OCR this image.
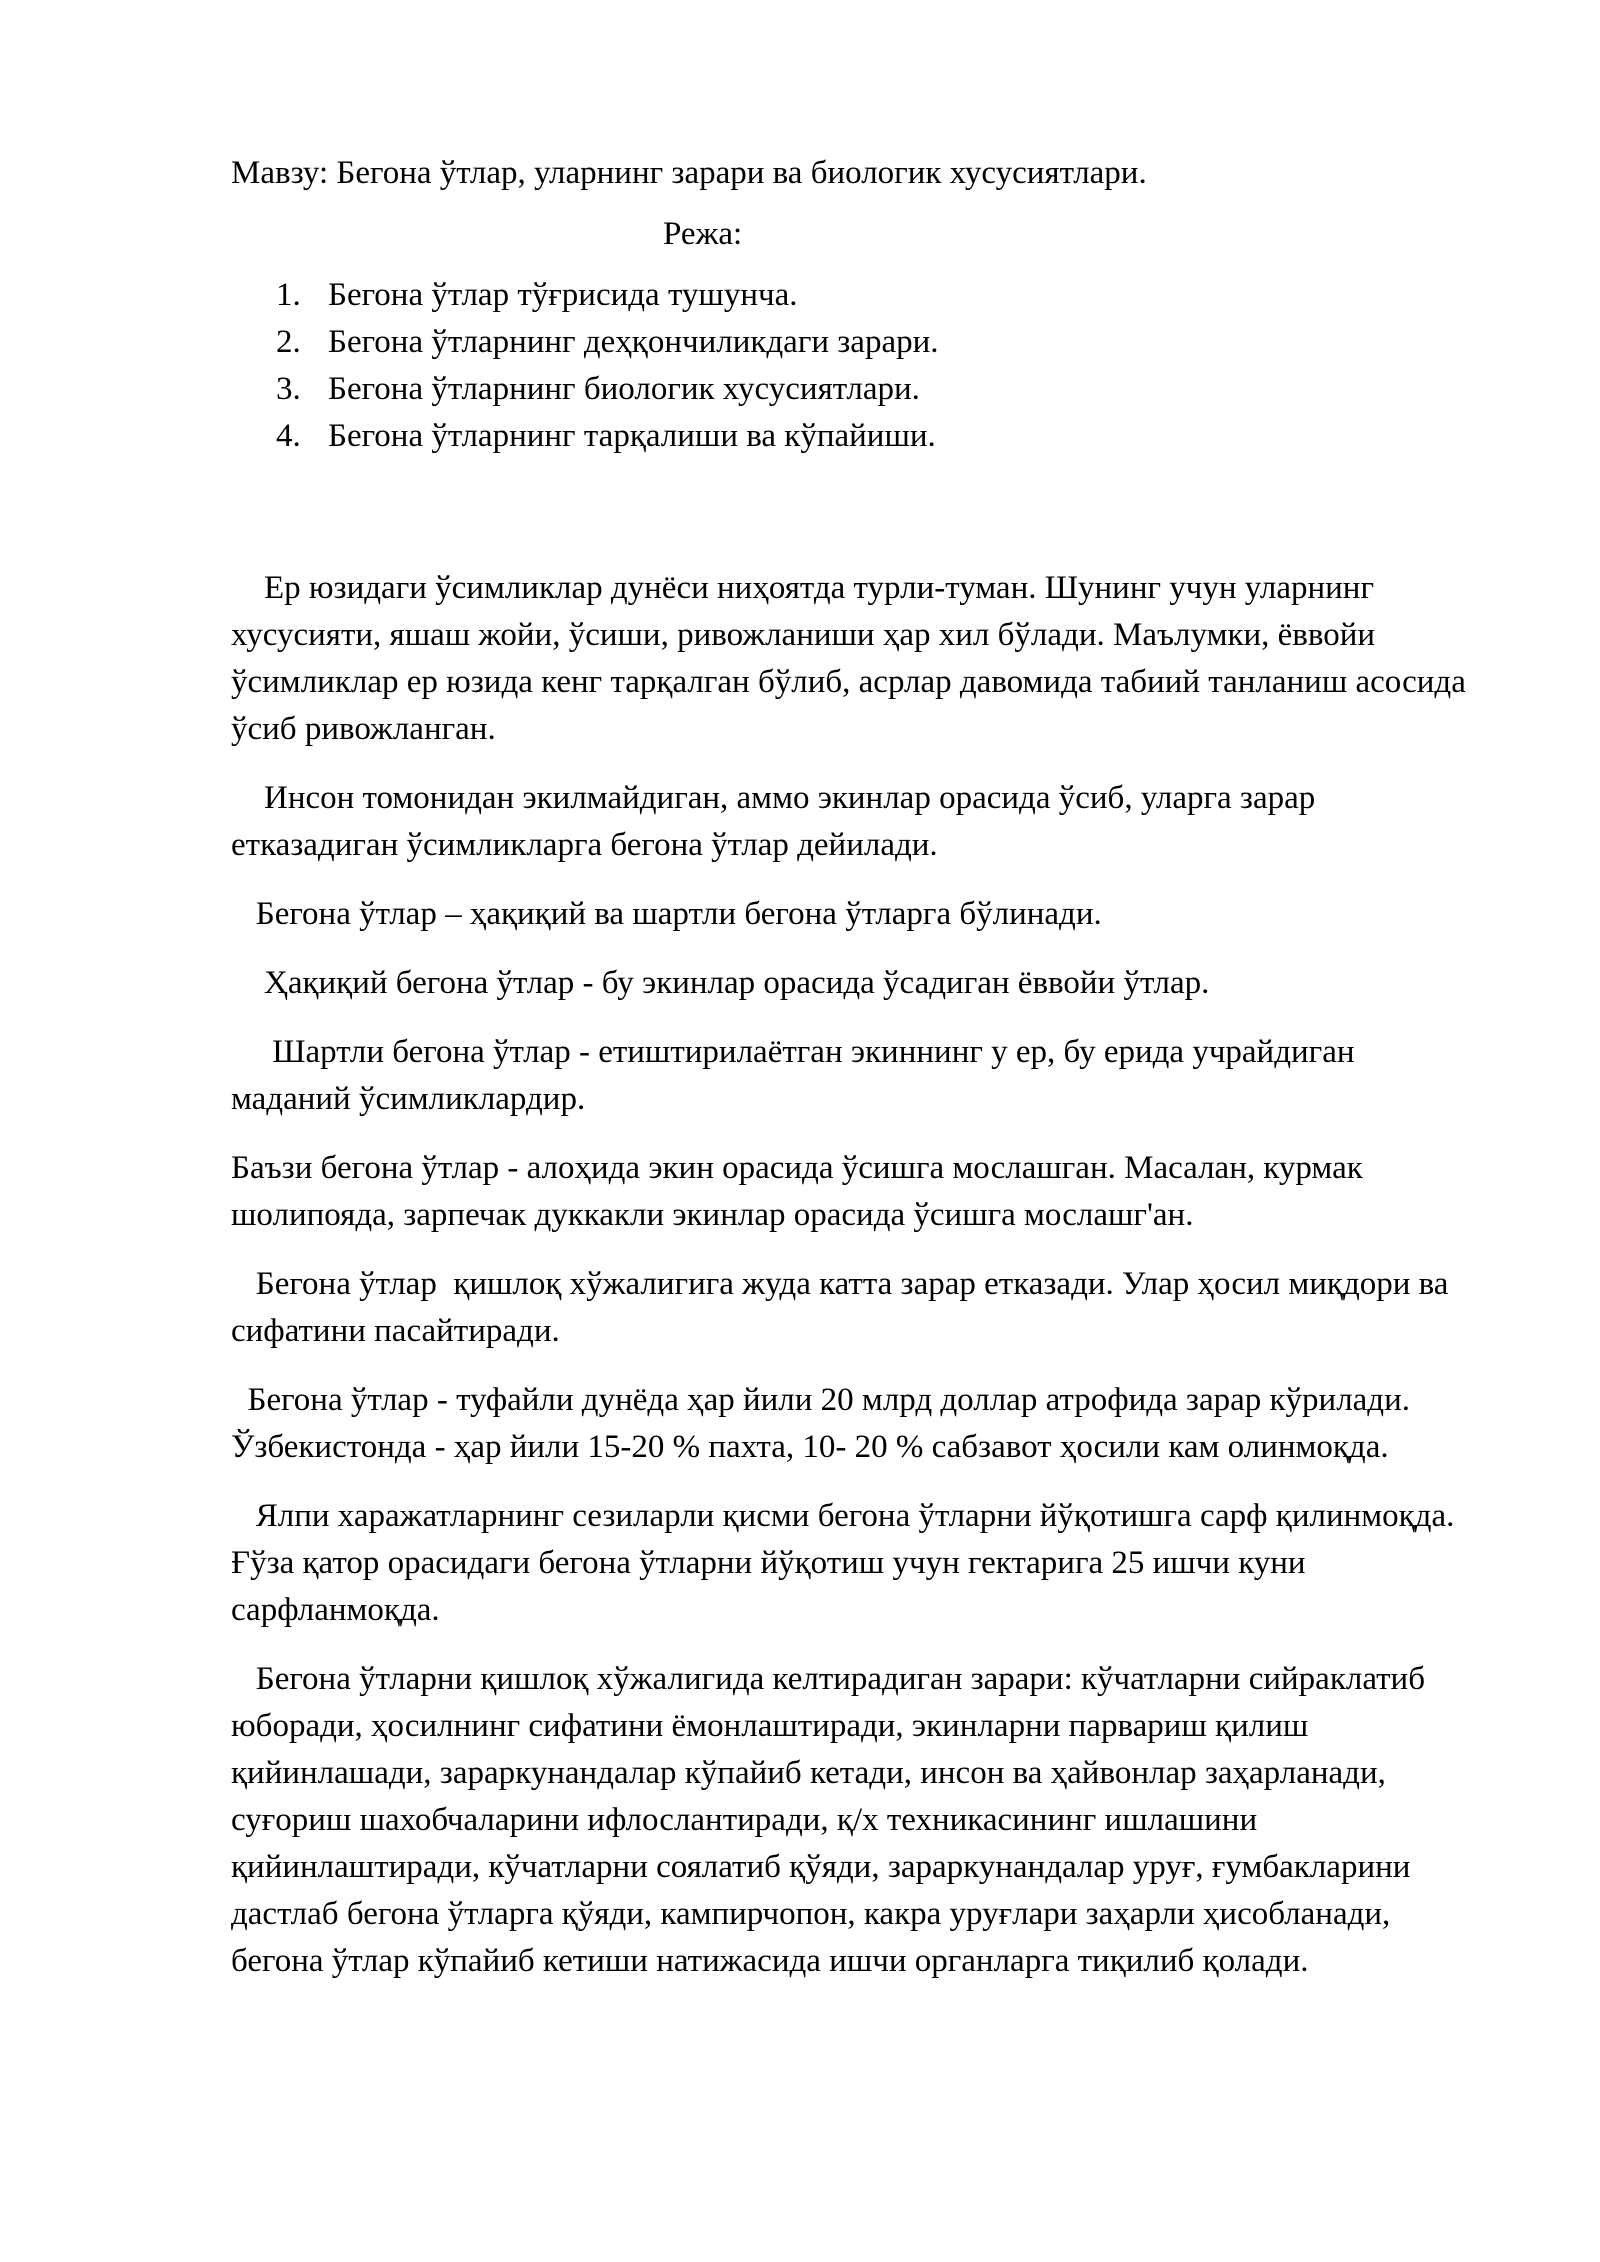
Мавзу: Бегона ўтлар, уларнинг зарари ва биологик хусусиятлари.

Режа:

1. Бегона ўтлар тўғрисида тушунча.
2. Бегона ўтларнинг деҳқончиликдаги зарари.
3. Бегона ўтларнинг биологик хусусиятлари.
4. Бегона ўтларнинг тарқалиши ва кўпайиши.

Ер юзидаги ўсимликлар дунёси ниҳоятда турли-туман. Шунинг учун уларнинг хусусияти, яшаш жойи, ўсиши, ривожланиши ҳар хил бўлади. Маълумки, ёввойи ўсимликлар ер юзида кенг тарқалган бўлиб, асрлар давомида табиий танланиш асосида ўсиб ривожланган.

Инсон томонидан экилмайдиган, аммо экинлар орасида ўсиб, уларга зарар етказадиган ўсимликларга бегона ўтлар дейилади.

Бегона ўтлар – ҳақиқий ва шартли бегона ўтларга бўлинади.

Ҳақиқий бегона ўтлар - бу экинлар орасида ўсадиган ёввойи ўтлар.

Шартли бегона ўтлар - етиштирилаётган экиннинг у ер, бу ерида учрайдиган маданий ўсимликлардир.

Баъзи бегона ўтлар - алоҳида экин орасида ўсишга мослашган. Масалан, курмак шолипояда, зарпечак дуккакли экинлар орасида ўсишга мослашг'ан.

Бегона ўтлар  қишлоқ хўжалигига жуда катта зарар етказади. Улар ҳосил миқдори ва сифатини пасайтиради.

Бегона ўтлар - туфайли дунёда ҳар йили 20 млрд доллар атрофида зарар кўрилади. Ўзбекистонда - ҳар йили 15-20 % пахта, 10- 20 % сабзавот ҳосили кам олинмоқда.

Ялпи харажатларнинг сезиларли қисми бегона ўтларни йўқотишга сарф қилинмоқда. Ғўза қатор орасидаги бегона ўтларни йўқотиш учун гектарига 25 ишчи куни сарфланмоқда.

Бегона ўтларни қишлоқ хўжалигида келтирадиган зарари: кўчатларни сийраклатиб юборади, ҳосилнинг сифатини ёмонлаштиради, экинларни парвариш қилиш қийинлашади, зараркунандалар кўпайиб кетади, инсон ва ҳайвонлар заҳарланади, суғориш шахобчаларини ифлослантиради, қ/х техникасининг ишлашини қийинлаштиради, кўчатларни соялатиб қўяди, зараркунандалар уруғ, ғумбакларини дастлаб бегона ўтларга қўяди, кампирчопон, какра уруғлари заҳарли ҳисобланади, бегона ўтлар кўпайиб кетиши натижасида ишчи органларга тиқилиб қолади.
